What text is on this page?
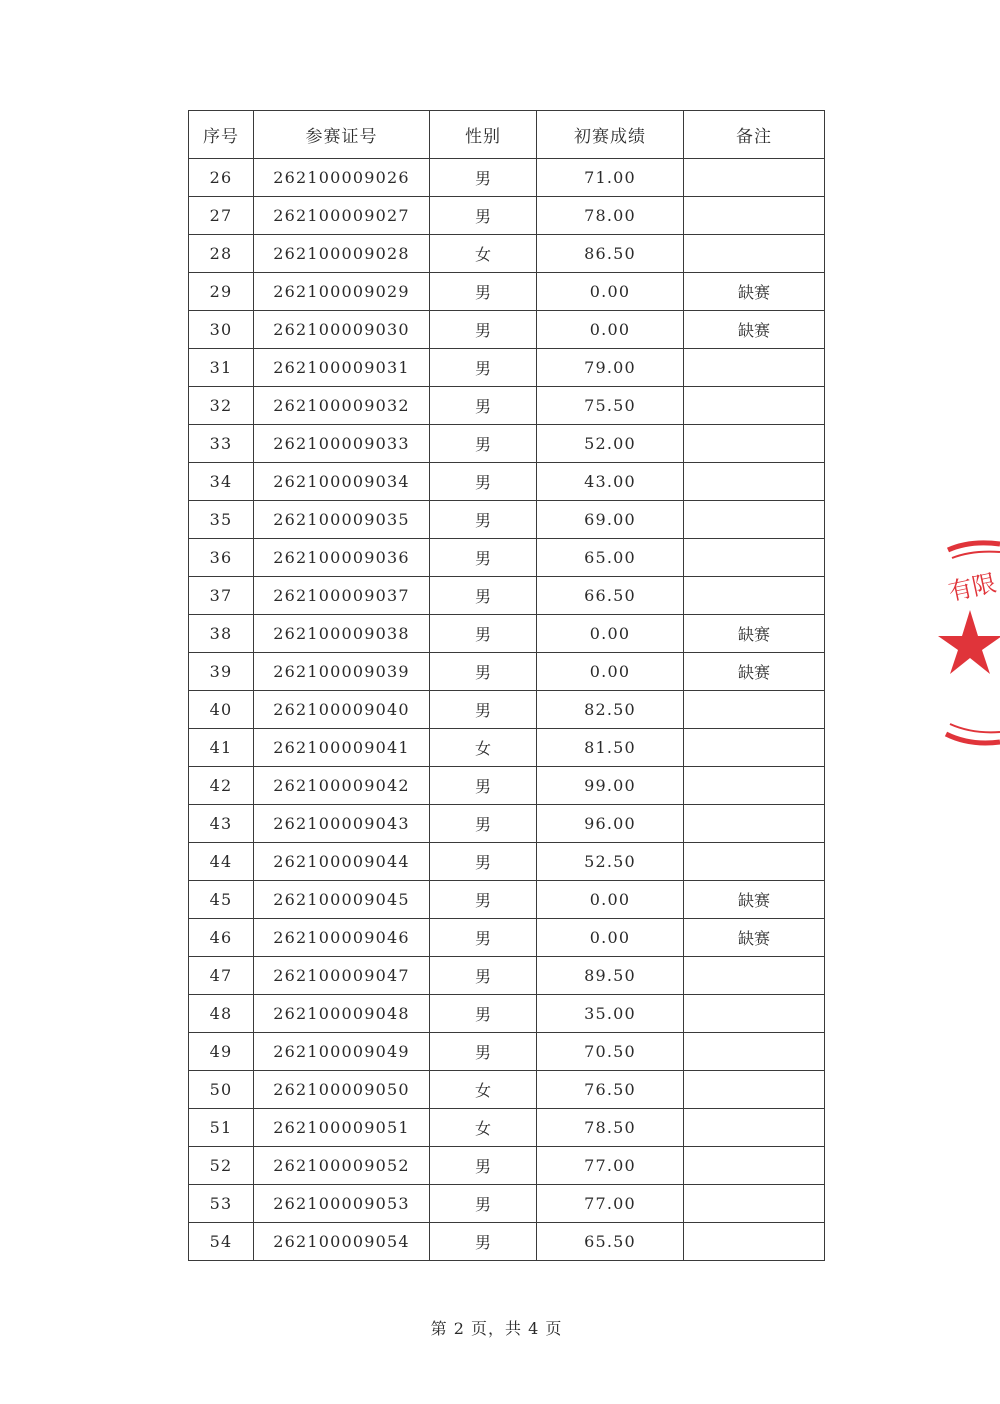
序号	参赛证号	性别	初赛成绩	备注
26	262100009026	男	71.00	
27	262100009027	男	78.00	
28	262100009028	女	86.50	
29	262100009029	男	0.00	缺赛
30	262100009030	男	0.00	缺赛
31	262100009031	男	79.00	
32	262100009032	男	75.50	
33	262100009033	男	52.00	
34	262100009034	男	43.00	
35	262100009035	男	69.00	
36	262100009036	男	65.00	
37	262100009037	男	66.50	
38	262100009038	男	0.00	缺赛
39	262100009039	男	0.00	缺赛
40	262100009040	男	82.50	
41	262100009041	女	81.50	
42	262100009042	男	99.00	
43	262100009043	男	96.00	
44	262100009044	男	52.50	
45	262100009045	男	0.00	缺赛
46	262100009046	男	0.00	缺赛
47	262100009047	男	89.50	
48	262100009048	男	35.00	
49	262100009049	男	70.50	
50	262100009050	女	76.50	
51	262100009051	女	78.50	
52	262100009052	男	77.00	
53	262100009053	男	77.00	
54	262100009054	男	65.50	
第 2 页，共 4 页
有限
